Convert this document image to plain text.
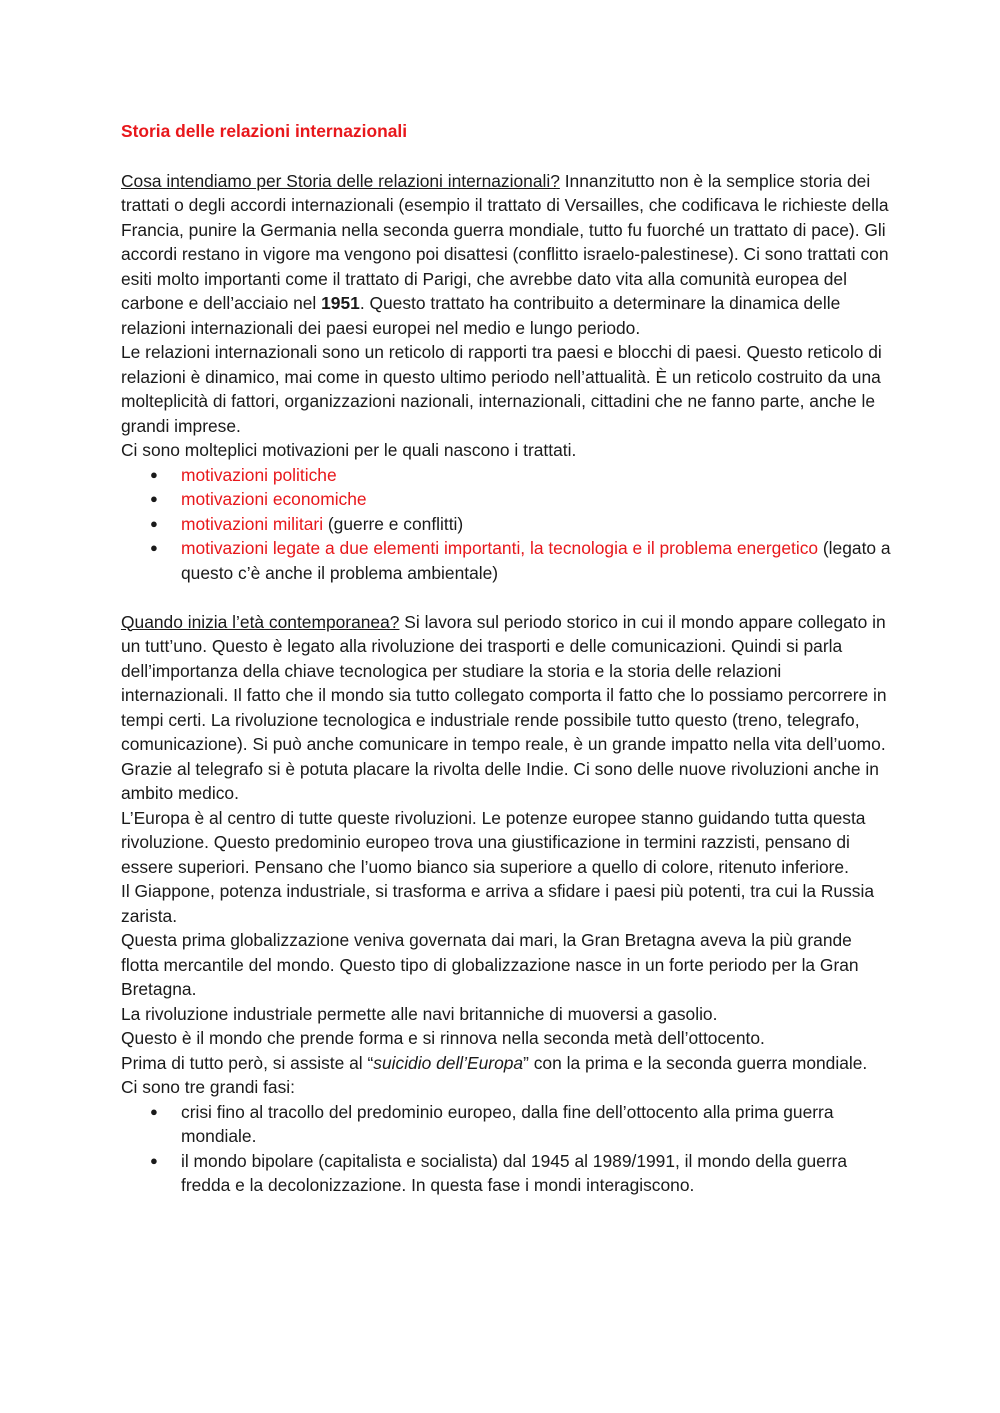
Storia delle relazioni internazionali

Cosa intendiamo per Storia delle relazioni internazionali? Innanzitutto non è la semplice storia dei trattati o degli accordi internazionali (esempio il trattato di Versailles, che codificava le richieste della Francia, punire la Germania nella seconda guerra mondiale, tutto fu fuorché un trattato di pace). Gli accordi restano in vigore ma vengono poi disattesi (conflitto israelo-palestinese). Ci sono trattati con esiti molto importanti come il trattato di Parigi, che avrebbe dato vita alla comunità europea del carbone e dell’acciaio nel 1951. Questo trattato ha contribuito a determinare la dinamica delle relazioni internazionali dei paesi europei nel medio e lungo periodo.

Le relazioni internazionali sono un reticolo di rapporti tra paesi e blocchi di paesi. Questo reticolo di relazioni è dinamico, mai come in questo ultimo periodo nell’attualità. È un reticolo costruito da una molteplicità di fattori, organizzazioni nazionali, internazionali, cittadini che ne fanno parte, anche le grandi imprese.

Ci sono molteplici motivazioni per le quali nascono i trattati.

● motivazioni politiche
● motivazioni economiche
● motivazioni militari (guerre e conflitti)
● motivazioni legate a due elementi importanti, la tecnologia e il problema energetico (legato a questo c’è anche il problema ambientale)

Quando inizia l’età contemporanea? Si lavora sul periodo storico in cui il mondo appare collegato in un tutt’uno. Questo è legato alla rivoluzione dei trasporti e delle comunicazioni. Quindi si parla dell’importanza della chiave tecnologica per studiare la storia e la storia delle relazioni internazionali. Il fatto che il mondo sia tutto collegato comporta il fatto che lo possiamo percorrere in tempi certi. La rivoluzione tecnologica e industriale rende possibile tutto questo (treno, telegrafo, comunicazione). Si può anche comunicare in tempo reale, è un grande impatto nella vita dell’uomo. Grazie al telegrafo si è potuta placare la rivolta delle Indie. Ci sono delle nuove rivoluzioni anche in ambito medico.

L’Europa è al centro di tutte queste rivoluzioni. Le potenze europee stanno guidando tutta questa rivoluzione. Questo predominio europeo trova una giustificazione in termini razzisti, pensano di essere superiori. Pensano che l’uomo bianco sia superiore a quello di colore, ritenuto inferiore.

Il Giappone, potenza industriale, si trasforma e arriva a sfidare i paesi più potenti, tra cui la Russia zarista.

Questa prima globalizzazione veniva governata dai mari, la Gran Bretagna aveva la più grande flotta mercantile del mondo. Questo tipo di globalizzazione nasce in un forte periodo per la Gran Bretagna.

La rivoluzione industriale permette alle navi britanniche di muoversi a gasolio.

Questo è il mondo che prende forma e si rinnova nella seconda metà dell’ottocento.

Prima di tutto però, si assiste al “suicidio dell’Europa” con la prima e la seconda guerra mondiale.

Ci sono tre grandi fasi:

● crisi fino al tracollo del predominio europeo, dalla fine dell’ottocento alla prima guerra mondiale.
● il mondo bipolare (capitalista e socialista) dal 1945 al 1989/1991, il mondo della guerra fredda e la decolonizzazione. In questa fase i mondi interagiscono.
